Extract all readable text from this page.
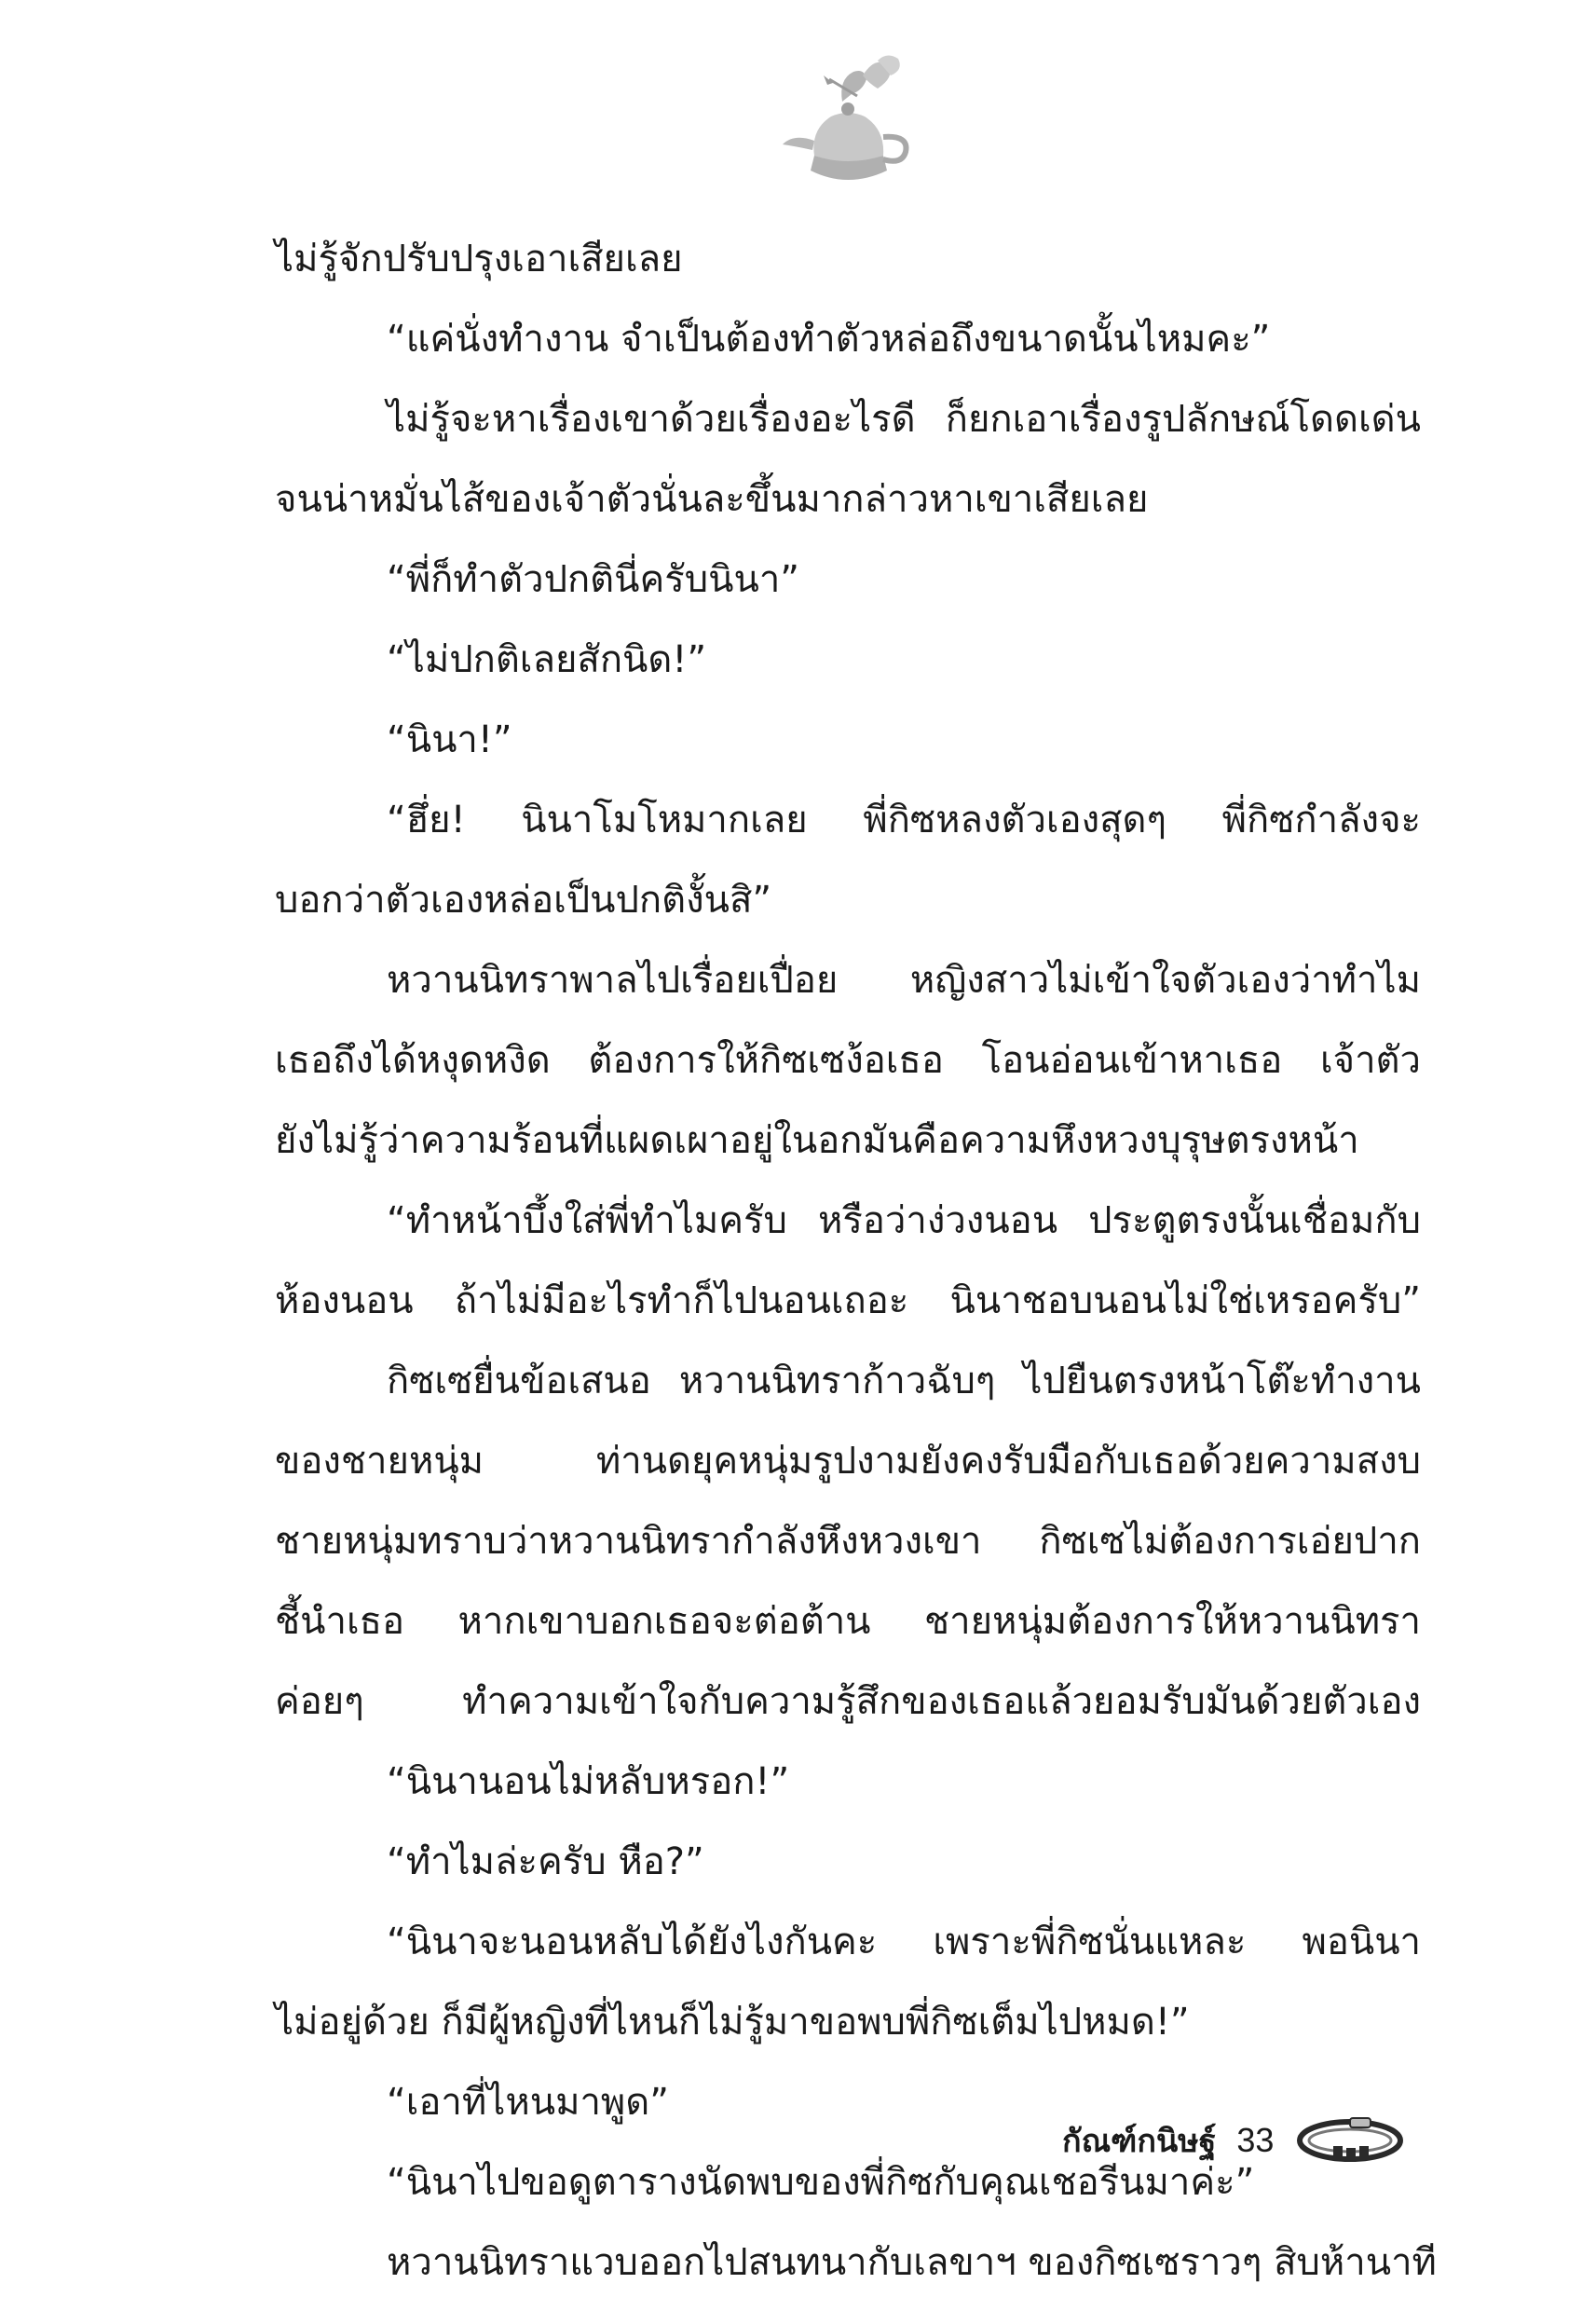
ไม่รู้จักปรับปรุงเอาเสียเลย
“แค่นั่งทำงาน จำเป็นต้องทำตัวหล่อถึงขนาดนั้นไหมคะ”
ไม่รู้จะหาเรื่องเขาด้วยเรื่องอะไรดี ก็ยกเอาเรื่องรูปลักษณ์โดดเด่น
จนน่าหมั่นไส้ของเจ้าตัวนั่นละขึ้นมากล่าวหาเขาเสียเลย
“พี่ก็ทำตัวปกตินี่ครับนินา”
“ไม่ปกติเลยสักนิด!”
“นินา!”
“ฮึ่ย! นินาโมโหมากเลย พี่กิซหลงตัวเองสุดๆ พี่กิซกำลังจะ
บอกว่าตัวเองหล่อเป็นปกติงั้นสิ”
หวานนิทราพาลไปเรื่อยเปื่อย หญิงสาวไม่เข้าใจตัวเองว่าทำไม
เธอถึงได้หงุดหงิด ต้องการให้กิซเซง้อเธอ โอนอ่อนเข้าหาเธอ เจ้าตัว
ยังไม่รู้ว่าความร้อนที่แผดเผาอยู่ในอกมันคือความหึงหวงบุรุษตรงหน้า
“ทำหน้าบึ้งใส่พี่ทำไมครับ หรือว่าง่วงนอน ประตูตรงนั้นเชื่อมกับ
ห้องนอน ถ้าไม่มีอะไรทำก็ไปนอนเถอะ นินาชอบนอนไม่ใช่เหรอครับ”
กิซเซยื่นข้อเสนอ หวานนิทราก้าวฉับๆ ไปยืนตรงหน้าโต๊ะทำงาน
ของชายหนุ่ม ท่านดยุคหนุ่มรูปงามยังคงรับมือกับเธอด้วยความสงบ
ชายหนุ่มทราบว่าหวานนิทรากำลังหึงหวงเขา กิซเซไม่ต้องการเอ่ยปาก
ชี้นำเธอ หากเขาบอกเธอจะต่อต้าน ชายหนุ่มต้องการให้หวานนิทรา
ค่อยๆ ทำความเข้าใจกับความรู้สึกของเธอแล้วยอมรับมันด้วยตัวเอง
“นินานอนไม่หลับหรอก!”
“ทำไมล่ะครับ หือ?”
“นินาจะนอนหลับได้ยังไงกันคะ เพราะพี่กิซนั่นแหละ พอนินา
ไม่อยู่ด้วย ก็มีผู้หญิงที่ไหนก็ไม่รู้มาขอพบพี่กิซเต็มไปหมด!”
“เอาที่ไหนมาพูด”
“นินาไปขอดูตารางนัดพบของพี่กิซกับคุณเชอรีนมาค่ะ”
หวานนิทราแวบออกไปสนทนากับเลขาฯ ของกิซเซราวๆ สิบห้านาที
กัณฑ์กนิษฐ์ 33
